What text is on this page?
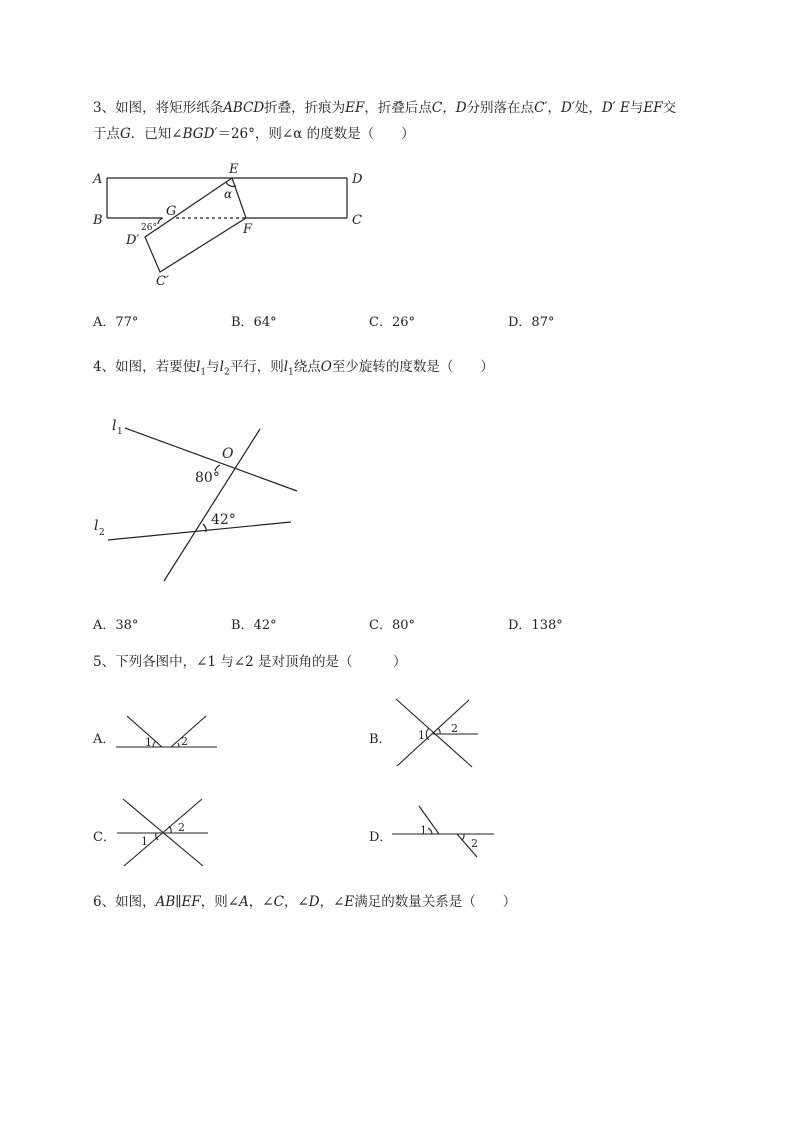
3、如图，将矩形纸条ABCD折叠，折痕为EF，折叠后点C，D分别落在点C′，D′处，D′ E与EF交
于点G．已知∠BGD′＝26°，则∠α 的度数是（　　）
A	D
B	C
E
G
F
D′
C′
α
26°
A．77°	B．64°	C．26°	D．87°
4、如图，若要使$l_1$与$l_2$平行，则$l_1$绕点O至少旋转的度数是（　　）
l 1
O
80°
l 2
42°
A．38°	B．42°	C．80°	D．138°
5、下列各图中，∠1 与∠2 是对顶角的是（　　　）
A．	B．
C．	D．
1	2	1
2
1
2	1
2
6、如图，AB∥EF，则∠A，∠C，∠D，∠E满足的数量关系是（　　）
